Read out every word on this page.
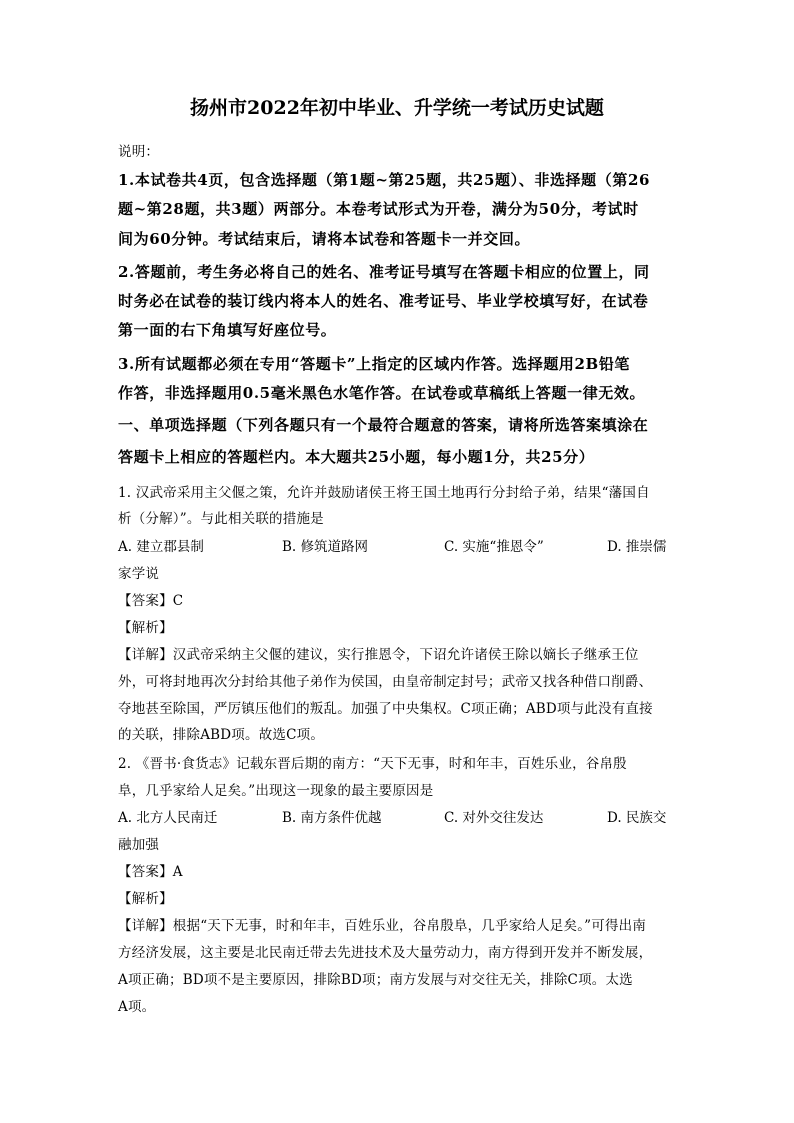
扬州市2022年初中毕业、升学统一考试历史试题
说明：
1.本试卷共4页，包含选择题（第1题~第25题，共25题）、非选择题（第26
题~第28题，共3题）两部分。本卷考试形式为开卷，满分为50分，考试时
间为60分钟。考试结束后，请将本试卷和答题卡一并交回。
2.答题前，考生务必将自己的姓名、准考证号填写在答题卡相应的位置上，同
时务必在试卷的装订线内将本人的姓名、准考证号、毕业学校填写好，在试卷
第一面的右下角填写好座位号。
3.所有试题都必须在专用“答题卡”上指定的区域内作答。选择题用2B铅笔
作答，非选择题用0.5毫米黑色水笔作答。在试卷或草稿纸上答题一律无效。
一、单项选择题（下列各题只有一个最符合题意的答案，请将所选答案填涂在
答题卡上相应的答题栏内。本大题共25小题，每小题1分，共25分）
1. 汉武帝采用主父偃之策，允许并鼓励诸侯王将王国土地再行分封给子弟，结果“藩国自
析（分解）”。与此相关联的措施是
A. 建立郡县制	B. 修筑道路网	C. 实施“推恩令”	D. 推崇儒
家学说
【答案】C
【解析】
【详解】汉武帝采纳主父偃的建议，实行推恩令，下诏允许诸侯王除以嫡长子继承王位
外，可将封地再次分封给其他子弟作为侯国，由皇帝制定封号；武帝又找各种借口削爵、
夺地甚至除国，严厉镇压他们的叛乱。加强了中央集权。C项正确；ABD项与此没有直接
的关联，排除ABD项。故选C项。
2. 《晋书·食货志》记载东晋后期的南方：“天下无事，时和年丰，百姓乐业，谷帛殷
阜，几乎家给人足矣。”出现这一现象的最主要原因是
A. 北方人民南迁	B. 南方条件优越	C. 对外交往发达	D. 民族交
融加强
【答案】A
【解析】
【详解】根据“天下无事，时和年丰，百姓乐业，谷帛殷阜，几乎家给人足矣。”可得出南
方经济发展，这主要是北民南迁带去先进技术及大量劳动力，南方得到开发并不断发展，
A项正确；BD项不是主要原因，排除BD项；南方发展与对交往无关，排除C项。太选
A项。
